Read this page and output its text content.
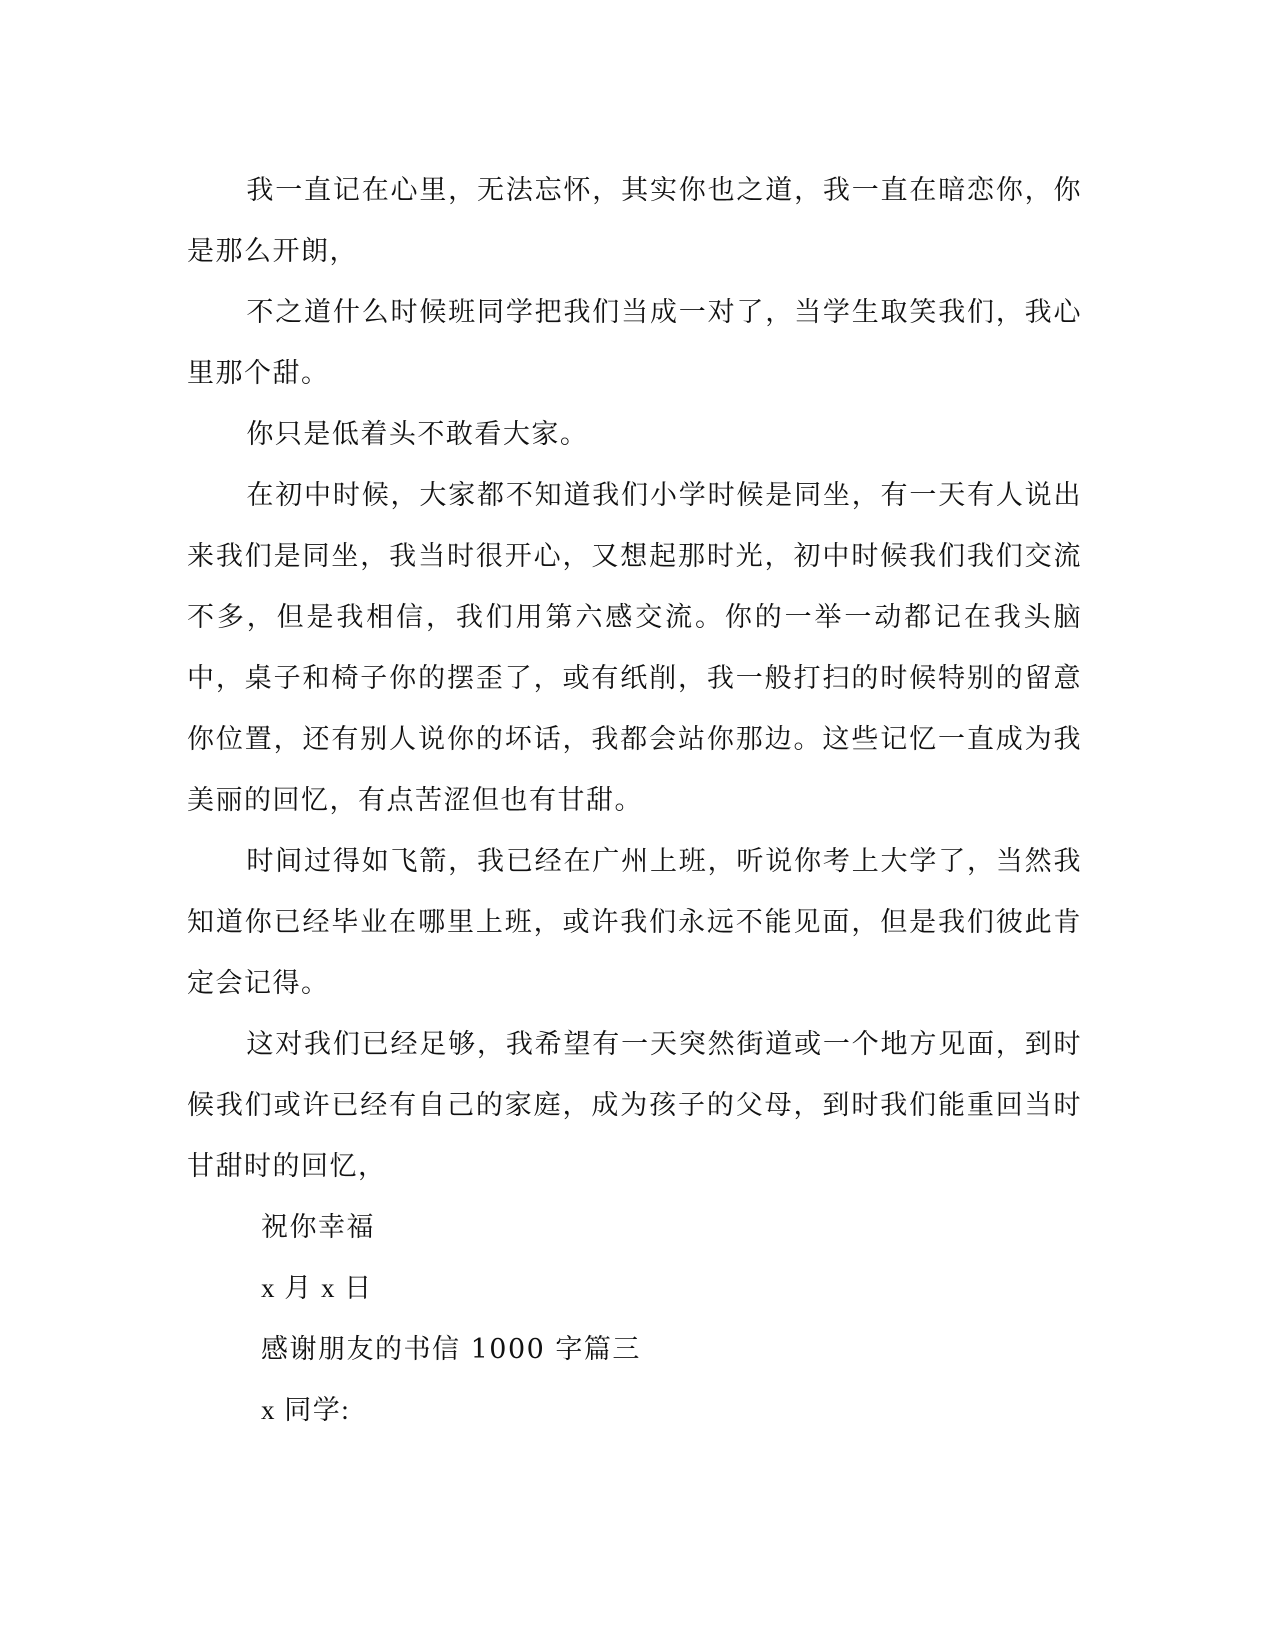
我一直记在心里，无法忘怀，其实你也之道，我一直在暗恋你，你是那么开朗，

不之道什么时候班同学把我们当成一对了，当学生取笑我们，我心里那个甜。

你只是低着头不敢看大家。

在初中时候，大家都不知道我们小学时候是同坐，有一天有人说出来我们是同坐，我当时很开心，又想起那时光，初中时候我们我们交流不多，但是我相信，我们用第六感交流。你的一举一动都记在我头脑中，桌子和椅子你的摆歪了，或有纸削，我一般打扫的时候特别的留意你位置，还有别人说你的坏话，我都会站你那边。这些记忆一直成为我美丽的回忆，有点苦涩但也有甘甜。

时间过得如飞箭，我已经在广州上班，听说你考上大学了，当然我知道你已经毕业在哪里上班，或许我们永远不能见面，但是我们彼此肯定会记得。

这对我们已经足够，我希望有一天突然街道或一个地方见面，到时候我们或许已经有自己的家庭，成为孩子的父母，到时我们能重回当时甘甜时的回忆，

祝你幸福

x 月 x 日

感谢朋友的书信 1000 字篇三

x 同学:
